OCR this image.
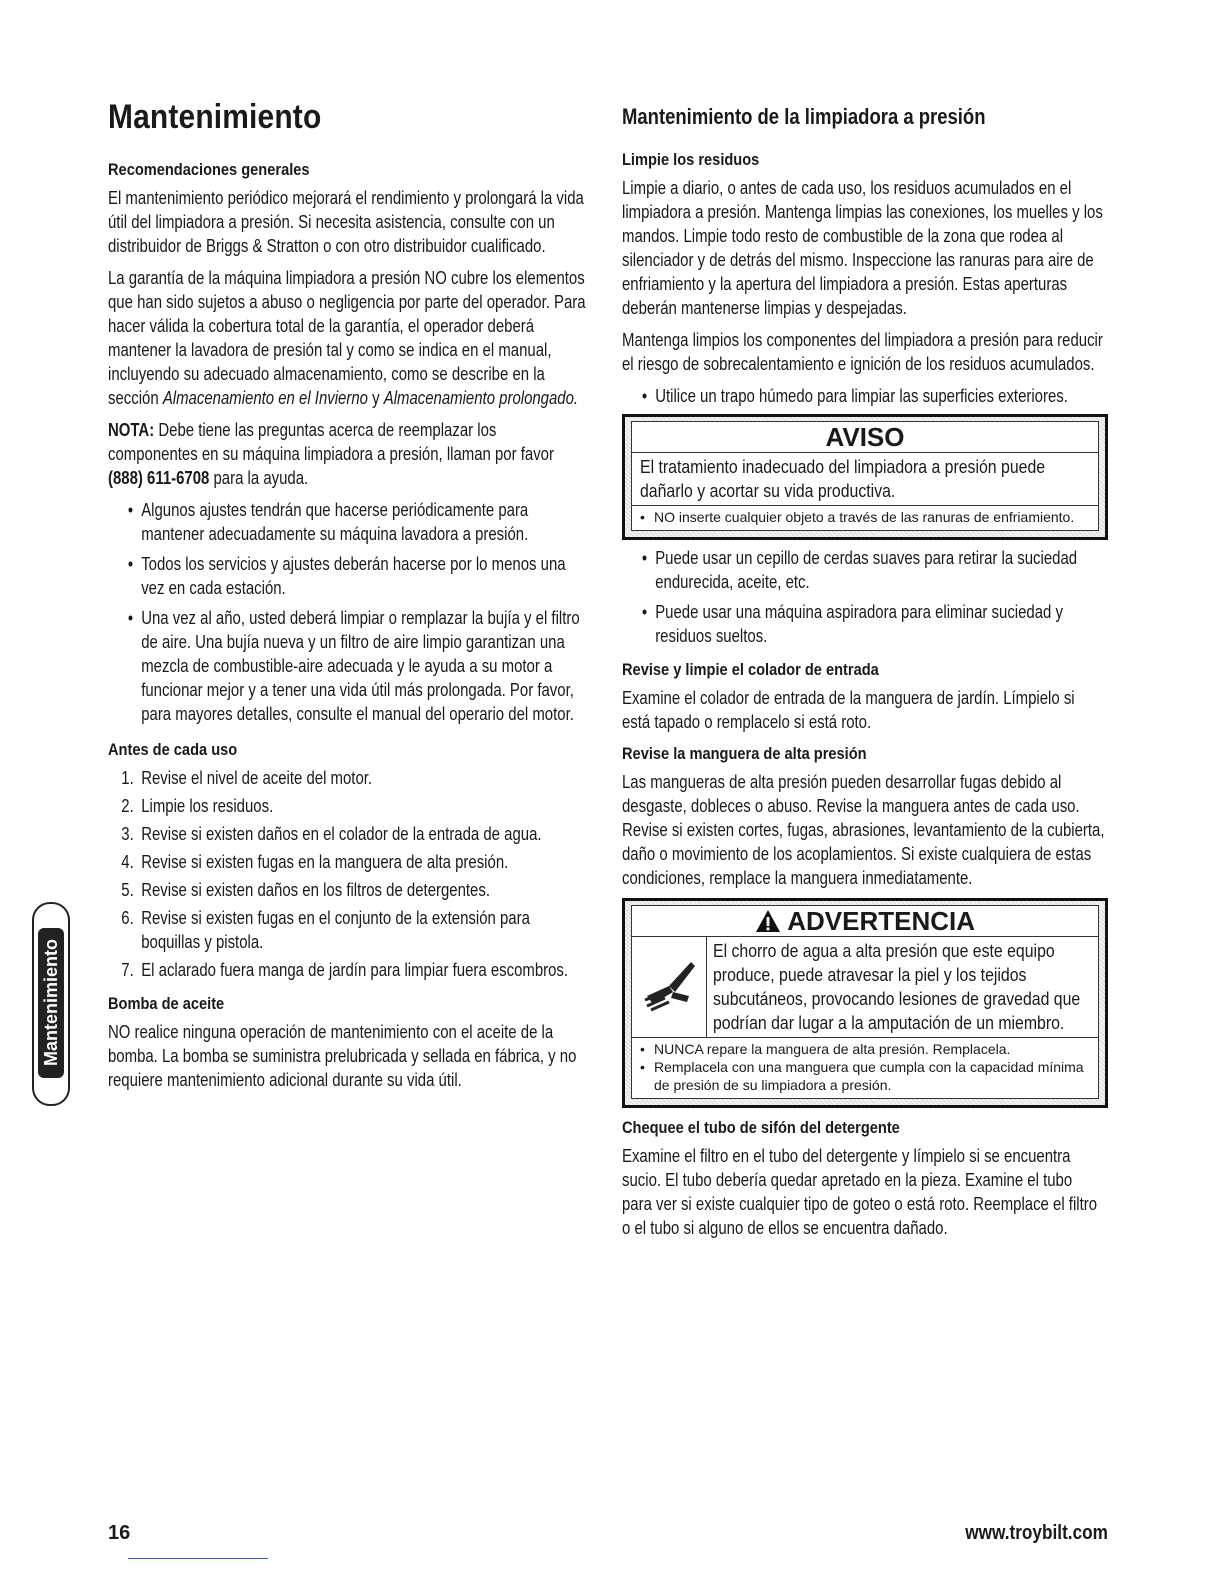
Mantenimiento
Recomendaciones generales

El mantenimiento periódico mejorará el rendimiento y prolongará la vida útil del limpiadora a presión. Si necesita asistencia, consulte con un distribuidor de Briggs & Stratton o con otro distribuidor cualificado.

La garantía de la máquina limpiadora a presión NO cubre los elementos que han sido sujetos a abuso o negligencia por parte del operador. Para hacer válida la cobertura total de la garantía, el operador deberá mantener la lavadora de presión tal y como se indica en el manual, incluyendo su adecuado almacenamiento, como se describe en la sección Almacenamiento en el Invierno y Almacenamiento prolongado.

NOTA: Debe tiene las preguntas acerca de reemplazar los componentes en su máquina limpiadora a presión, llaman por favor (888) 611-6708 para la ayuda.

• Algunos ajustes tendrán que hacerse periódicamente para mantener adecuadamente su máquina lavadora a presión.
• Todos los servicios y ajustes deberán hacerse por lo menos una vez en cada estación.
• Una vez al año, usted deberá limpiar o remplazar la bujía y el filtro de aire. Una bujía nueva y un filtro de aire limpio garantizan una mezcla de combustible-aire adecuada y le ayuda a su motor a funcionar mejor y a tener una vida útil más prolongada. Por favor, para mayores detalles, consulte el manual del operario del motor.
Antes de cada uso
1. Revise el nivel de aceite del motor.
2. Limpie los residuos.
3. Revise si existen daños en el colador de la entrada de agua.
4. Revise si existen fugas en la manguera de alta presión.
5. Revise si existen daños en los filtros de detergentes.
6. Revise si existen fugas en el conjunto de la extensión para boquillas y pistola.
7. El aclarado fuera manga de jardín para limpiar fuera escombros.
Bomba de aceite

NO realice ninguna operación de mantenimiento con el aceite de la bomba. La bomba se suministra prelubricada y sellada en fábrica, y no requiere mantenimiento adicional durante su vida útil.

Mantenimiento de la limpiadora a presión
Limpie los residuos

Limpie a diario, o antes de cada uso, los residuos acumulados en el limpiadora a presión. Mantenga limpias las conexiones, los muelles y los mandos. Limpie todo resto de combustible de la zona que rodea al silenciador y de detrás del mismo. Inspeccione las ranuras para aire de enfriamiento y la apertura del limpiadora a presión. Estas aperturas deberán mantenerse limpias y despejadas.

Mantenga limpios los componentes del limpiadora a presión para reducir el riesgo de sobrecalentamiento e ignición de los residuos acumulados.

• Utilice un trapo húmedo para limpiar las superficies exteriores.
AVISO

El tratamiento inadecuado del limpiadora a presión puede dañarlo y acortar su vida productiva.

• NO inserte cualquier objeto a través de las ranuras de enfriamiento.
• Puede usar un cepillo de cerdas suaves para retirar la suciedad endurecida, aceite, etc.
• Puede usar una máquina aspiradora para eliminar suciedad y residuos sueltos.
Revise y limpie el colador de entrada

Examine el colador de entrada de la manguera de jardín. Límpielo si está tapado o remplacelo si está roto.

Revise la manguera de alta presión

Las mangueras de alta presión pueden desarrollar fugas debido al desgaste, dobleces o abuso. Revise la manguera antes de cada uso. Revise si existen cortes, fugas, abrasiones, levantamiento de la cubierta, daño o movimiento de los acoplamientos. Si existe cualquiera de estas condiciones, remplace la manguera inmediatamente.

ADVERTENCIA

El chorro de agua a alta presión que este equipo produce, puede atravesar la piel y los tejidos subcutáneos, provocando lesiones de gravedad que podrían dar lugar a la amputación de un miembro.

• NUNCA repare la manguera de alta presión. Remplacela.
• Remplacela con una manguera que cumpla con la capacidad mínima de presión de su limpiadora a presión.
Chequee el tubo de sifón del detergente

Examine el filtro en el tubo del detergente y límpielo si se encuentra sucio. El tubo debería quedar apretado en la pieza. Examine el tubo para ver si existe cualquier tipo de goteo o está roto. Reemplace el filtro o el tubo si alguno de ellos se encuentra dañado.

Mantenimiento
16	www.troybilt.com
